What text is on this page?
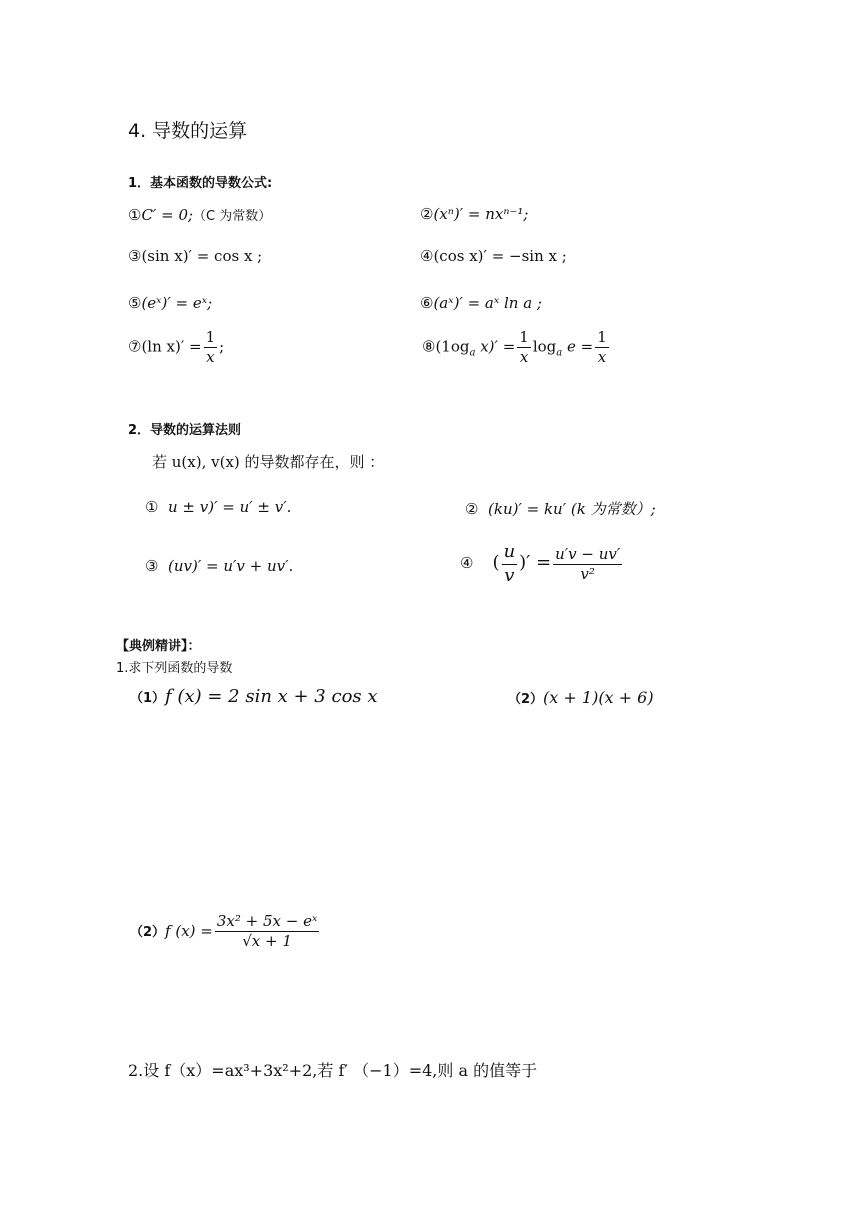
4. 导数的运算
1．基本函数的导数公式:
①C′ = 0;（C 为常数）	②(xⁿ)′ = nxⁿ⁻¹;
③(sin x)′ = cos x ;	④(cos x)′ = −sin x ;
⑤(eˣ)′ = eˣ;	⑥(aˣ)′ = aˣ ln a ;
⑦(ln $x)' = \frac{1}{x}$ ;	$⑧(1og_a$ $x)' = \frac{1}{x} \log_a e = \frac{1}{x}$
2．导数的运算法则
若 u(x), v(x) 的导数都存在，则 ：
① u ± v)′ = u′ ± v′.	② (ku)′ = ku′ (k 为常数）;
③ (uv)′ = u′v + uv′.	④ ( $\frac{u}{v}$ )′ = $\frac{u'v - uv'}{\text{v²}}$
【典例精讲】：
1.求下列函数的导数
（1）f (x) = 2 sin x + 3 cos x	（2）(x + 1)(x + 6)
（2）f $(x) = \frac{\text{3x² + 5x − eˣ}}{√x + 1}$
2.设 f（x）=ax³+3x²+2,若 f′ （−1）=4,则 a 的值等于
